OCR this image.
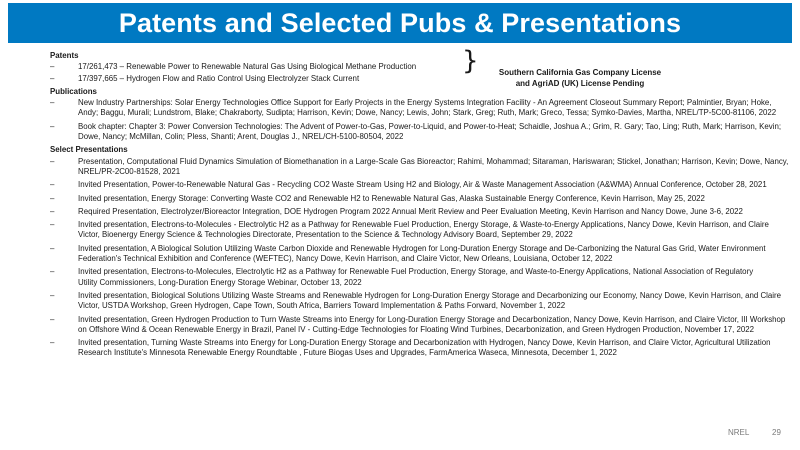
Patents and Selected Pubs & Presentations
Patents
–	17/261,473 – Renewable Power to Renewable Natural Gas Using Biological Methane Production
–	17/397,665 – Hydrogen Flow and Ratio Control Using Electrolyzer Stack Current
}	Southern California Gas Company License
and AgriAD (UK) License Pending
Publications
–	New Industry Partnerships: Solar Energy Technologies Office Support for Early Projects in the Energy Systems Integration Facility - An Agreement Closeout Summary Report; Palmintier, Bryan; Hoke, Andy; Baggu, Murali; Lundstrom, Blake; Chakraborty, Sudipta; Harrison, Kevin; Dowe, Nancy; Lewis, John; Stark, Greg; Ruth, Mark; Greco, Tessa; Symko-Davies, Martha, NREL/TP-5C00-81106, 2022
–	Book chapter: Chapter 3: Power Conversion Technologies: The Advent of Power-to-Gas, Power-to-Liquid, and Power-to-Heat; Schaidle, Joshua A.; Grim, R. Gary; Tao, Ling; Ruth, Mark; Harrison, Kevin; Dowe, Nancy; McMillan, Colin; Pless, Shanti; Arent, Douglas J., NREL/CH-5100-80504, 2022
Select Presentations
–	Presentation, Computational Fluid Dynamics Simulation of Biomethanation in a Large-Scale Gas Bioreactor; Rahimi, Mohammad; Sitaraman, Hariswaran; Stickel, Jonathan; Harrison, Kevin; Dowe, Nancy, NREL/PR-2C00-81528, 2021
–	Invited Presentation, Power-to-Renewable Natural Gas - Recycling CO2 Waste Stream Using H2 and Biology, Air & Waste Management Association (A&WMA) Annual Conference, October 28, 2021
–	Invited presentation, Energy Storage: Converting Waste CO2 and Renewable H2 to Renewable Natural Gas, Alaska Sustainable Energy Conference, Kevin Harrison, May 25, 2022
–	Required Presentation, Electrolyzer/Bioreactor Integration, DOE Hydrogen Program 2022 Annual Merit Review and Peer Evaluation Meeting, Kevin Harrison and Nancy Dowe, June 3-6, 2022
–	Invited presentation, Electrons-to-Molecules - Electrolytic H2 as a Pathway for Renewable Fuel Production, Energy Storage, & Waste-to-Energy Applications, Nancy Dowe, Kevin Harrison, and Claire Victor, Bioenergy Energy Science & Technologies Directorate, Presentation to the Science & Technology Advisory Board, September 29, 2022
–	Invited presentation, A Biological Solution Utilizing Waste Carbon Dioxide and Renewable Hydrogen for Long-Duration Energy Storage and De-Carbonizing the Natural Gas Grid, Water Environment Federation's Technical Exhibition and Conference (WEFTEC), Nancy Dowe, Kevin Harrison, and Claire Victor, New Orleans, Louisiana, October 12, 2022
–	Invited presentation, Electrons-to-Molecules, Electrolytic H2 as a Pathway for Renewable Fuel Production, Energy Storage, and Waste-to-Energy Applications, National Association of Regulatory            Utility Commissioners, Long-Duration Energy Storage Webinar, October 13, 2022
–	Invited presentation, Biological Solutions Utilizing Waste Streams and Renewable Hydrogen for Long-Duration Energy Storage and Decarbonizing our Economy, Nancy Dowe, Kevin Harrison, and Claire Victor, USTDA Workshop, Green Hydrogen, Cape Town, South Africa, Barriers Toward Implementation & Paths Forward, November 1, 2022
–	Invited presentation, Green Hydrogen Production to Turn Waste Streams into Energy for Long-Duration Energy Storage and Decarbonization, Nancy Dowe, Kevin Harrison, and Claire Victor, III Workshop on Offshore Wind & Ocean Renewable Energy in Brazil, Panel IV - Cutting-Edge Technologies for Floating Wind Turbines, Decarbonization, and Green Hydrogen Production, November 17, 2022
–	Invited presentation, Turning Waste Streams into Energy for Long-Duration Energy Storage and Decarbonization with Hydrogen, Nancy Dowe, Kevin Harrison, and Claire Victor, Agricultural Utilization Research Institute's Minnesota Renewable Energy Roundtable , Future Biogas Uses and Upgrades, FarmAmerica Waseca, Minnesota, December 1, 2022
NREL	29
